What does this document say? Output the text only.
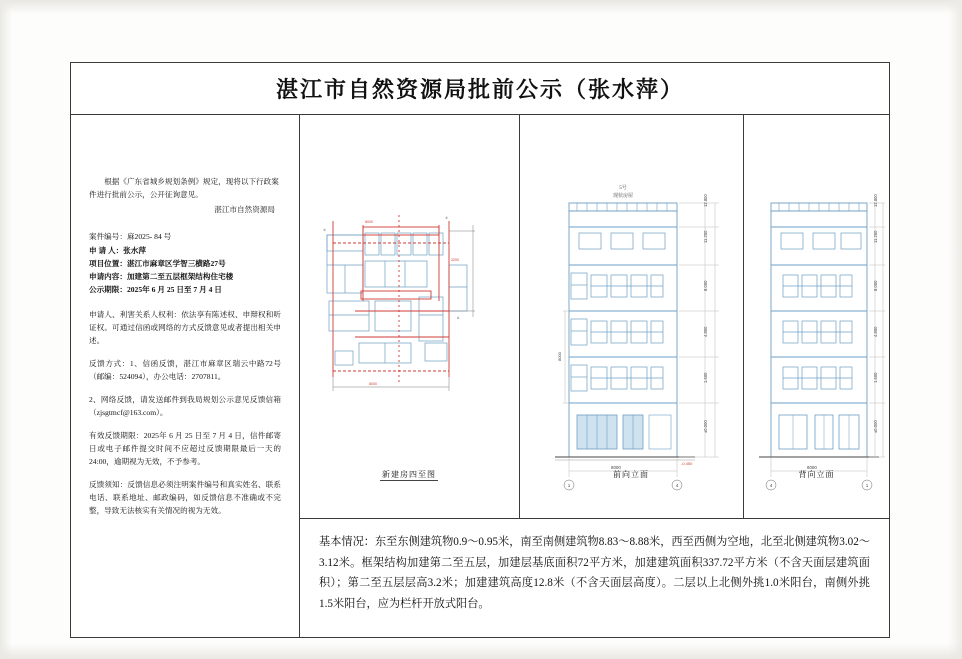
湛江市自然资源局批前公示（张水萍）
根据《广东省城乡规划条例》规定，现将以下行政案件进行批前公示，公开征询意见。
湛江市自然资源局
案件编号：麻2025- 84 号
申 请 人：张水萍
项目位置：湛江市麻章区学智三横路27号
申请内容：加建第二至五层框架结构住宅楼
公示期限：2025年 6 月 25 日至 7 月 4 日
申请人、利害关系人权利：依法享有陈述权、申辩权和听证权。可通过信函或网络的方式反馈意见或者提出相关申述。
反馈方式：1、信函反馈，湛江市麻章区瑞云中路72号（邮编：524094），办公电话：2707811。
2、网络反馈，请发送邮件到我局规划公示意见反馈信箱（zjsgtmcf@163.com）。
有效反馈期限：2025年 6 月 25 日至 7 月 4 日，信件邮寄日或电子邮件提交时间不应超过反馈期限最后一天的24:00，逾期视为无效，不予参考。
反馈须知：反馈信息必须注明案件编号和真实姓名、联系电话、联系地址、邮政编码，如反馈信息不准确或不完整，导致无法核实有关情况的视为无效。
8000
3200
8000
①
④
A
新建房四至图
12.800
11.200
8.000
4.800
1.600
±0.000
8000
8000
1	4
5号
现状房屋
-0.450
前向立面
12.800
11.200
8.000
4.800
1.600
±0.000
8000
4	1
背向立面
基本情况：东至东侧建筑物0.9～0.95米，南至南侧建筑物8.83～8.88米，西至西侧为空地，北至北侧建筑物3.02～3.12米。框架结构加建第二至五层，加建层基底面积72平方米，加建建筑面积337.72平方米（不含天面层建筑面积）；第二至五层层高3.2米；加建建筑高度12.8米（不含天面层高度）。二层以上北侧外挑1.0米阳台，南侧外挑1.5米阳台，应为栏杆开放式阳台。
